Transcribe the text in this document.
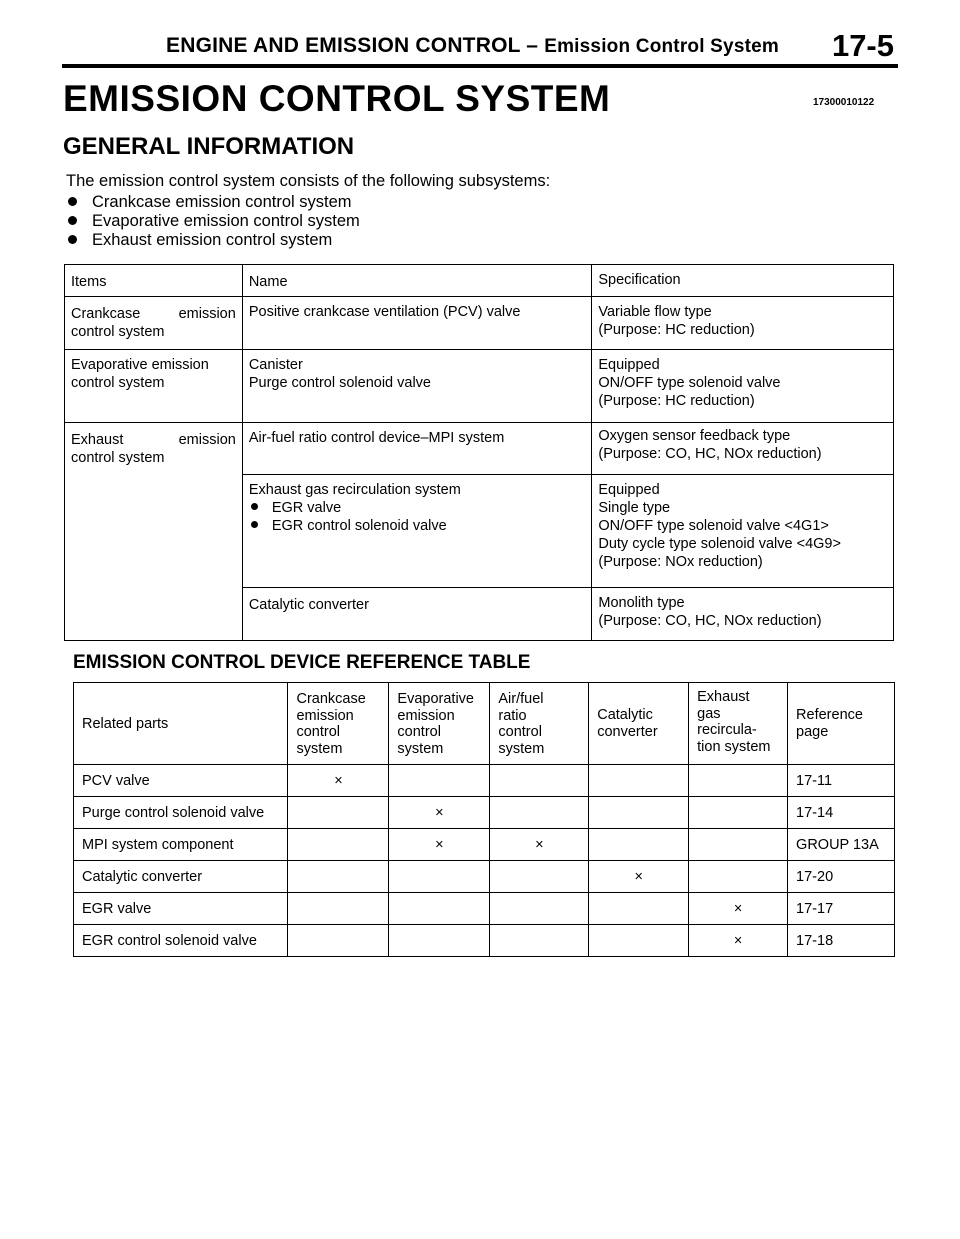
ENGINE AND EMISSION CONTROL – Emission Control System 17-5
EMISSION CONTROL SYSTEM	17300010122
GENERAL INFORMATION
The emission control system consists of the following subsystems:
Crankcase emission control system
Evaporative emission control system
Exhaust emission control system
Items	Name	Specification

Crankcase emission
control system	Positive crankcase ventilation (PCV) valve	Variable flow type
(Purpose: HC reduction)

Evaporative emission
control system	Canister
Purge control solenoid valve	Equipped
ON/OFF type solenoid valve
(Purpose: HC reduction)

Exhaust emission
control system	Air-fuel ratio control device–MPI system	Oxygen sensor feedback type
(Purpose: CO, HC, NOx reduction)

	Exhaust gas recirculation system
EGR valve
EGR control solenoid valve	Equipped
Single type
ON/OFF type solenoid valve <4G1>
Duty cycle type solenoid valve <4G9>
(Purpose: NOx reduction)

	Catalytic converter	Monolith type
(Purpose: CO, HC, NOx reduction)
EMISSION CONTROL DEVICE REFERENCE TABLE
Related parts	Crankcase
emission
control
system	Evaporative
emission
control
system	Air/fuel
ratio
control
system	Catalytic
converter	Exhaust
gas
recircula-
tion system	Reference
page

PCV valve	×					17-11
Purge control solenoid valve		×				17-14
MPI system component		×	×			GROUP 13A
Catalytic converter				×		17-20
EGR valve					×	17-17
EGR control solenoid valve					×	17-18
